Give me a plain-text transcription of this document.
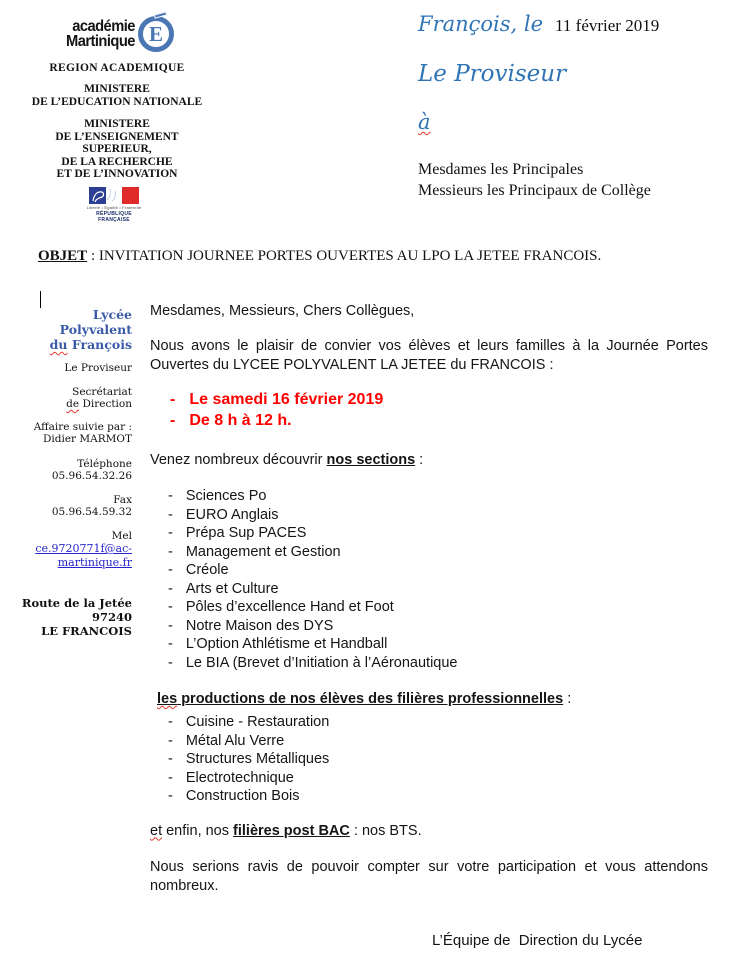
académie
Martinique E
REGION ACADEMIQUE
MINISTERE
DE L’EDUCATION NATIONALE
MINISTERE
DE L’ENSEIGNEMENT SUPERIEUR,
DE LA RECHERCHE
ET DE L’INNOVATION
Liberté • Égalité • Fraternité
RÉPUBLIQUE FRANÇAISE
François, le 11 février 2019
Le Proviseur
à
Mesdames les Principales
Messieurs les Principaux de Collège
OBJET : INVITATION JOURNEE PORTES OUVERTES AU LPO LA JETEE FRANCOIS.
Lycée Polyvalent
du François
Le Proviseur
Secrétariat
de Direction
Affaire suivie par :
Didier MARMOT
Téléphone
05.96.54.32.26
Fax
05.96.54.59.32
Mel
ce.9720771f@ac-
martinique.fr
Route de la Jetée
97240
LE FRANCOIS
Mesdames, Messieurs, Chers Collègues,
Nous avons le plaisir de convier vos élèves et leurs familles à la Journée Portes Ouvertes du LYCEE POLYVALENT LA JETEE du FRANCOIS :
- Le samedi 16 février 2019
- De 8 h à 12 h.
Venez nombreux découvrir nos sections :
- Sciences Po
- EURO Anglais
- Prépa Sup PACES
- Management et Gestion
- Créole
- Arts et Culture
- Pôles d’excellence Hand et Foot
- Notre Maison des DYS
- L’Option Athlétisme et Handball
- Le BIA (Brevet d’Initiation à l’Aéronautique
les productions de nos élèves des filières professionnelles :
- Cuisine - Restauration
- Métal Alu Verre
- Structures Métalliques
- Electrotechnique
- Construction Bois
et enfin, nos filières post BAC : nos BTS.
Nous serions ravis de pouvoir compter sur votre participation et vous attendons nombreux.
L’Équipe de  Direction du Lycée
